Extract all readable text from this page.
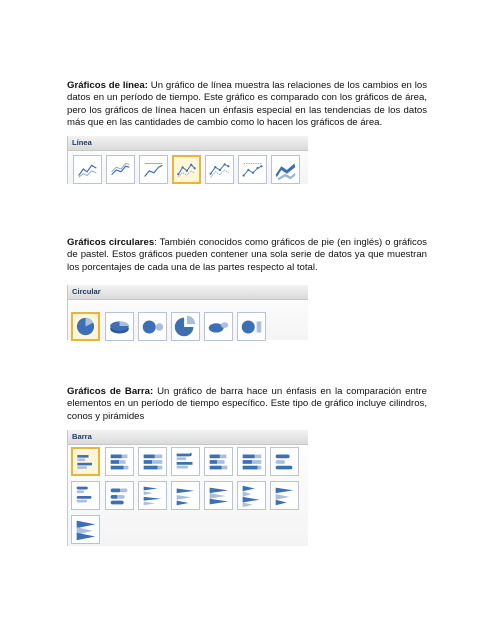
Gráficos de línea: Un gráfico de línea muestra las relaciones de los cambios en los datos en un período de tiempo. Este gráfico es comparado con los gráficos de área, pero los gráficos de línea hacen un énfasis especial en las tendencias de los datos más que en las cantidades de cambio como lo hacen los gráficos de área.

Línea

Gráficos circulares: También conocidos como gráficos de pie (en inglés) o gráficos de pastel. Estos gráficos pueden contener una sola serie de datos ya que muestran los porcentajes de cada una de las partes respecto al total.

Circular

Gráficos de Barra: Un gráfico de barra hace un énfasis en la comparación entre elementos en un período de tiempo específico. Este tipo de gráfico incluye cilindros, conos y pirámides

Barra
